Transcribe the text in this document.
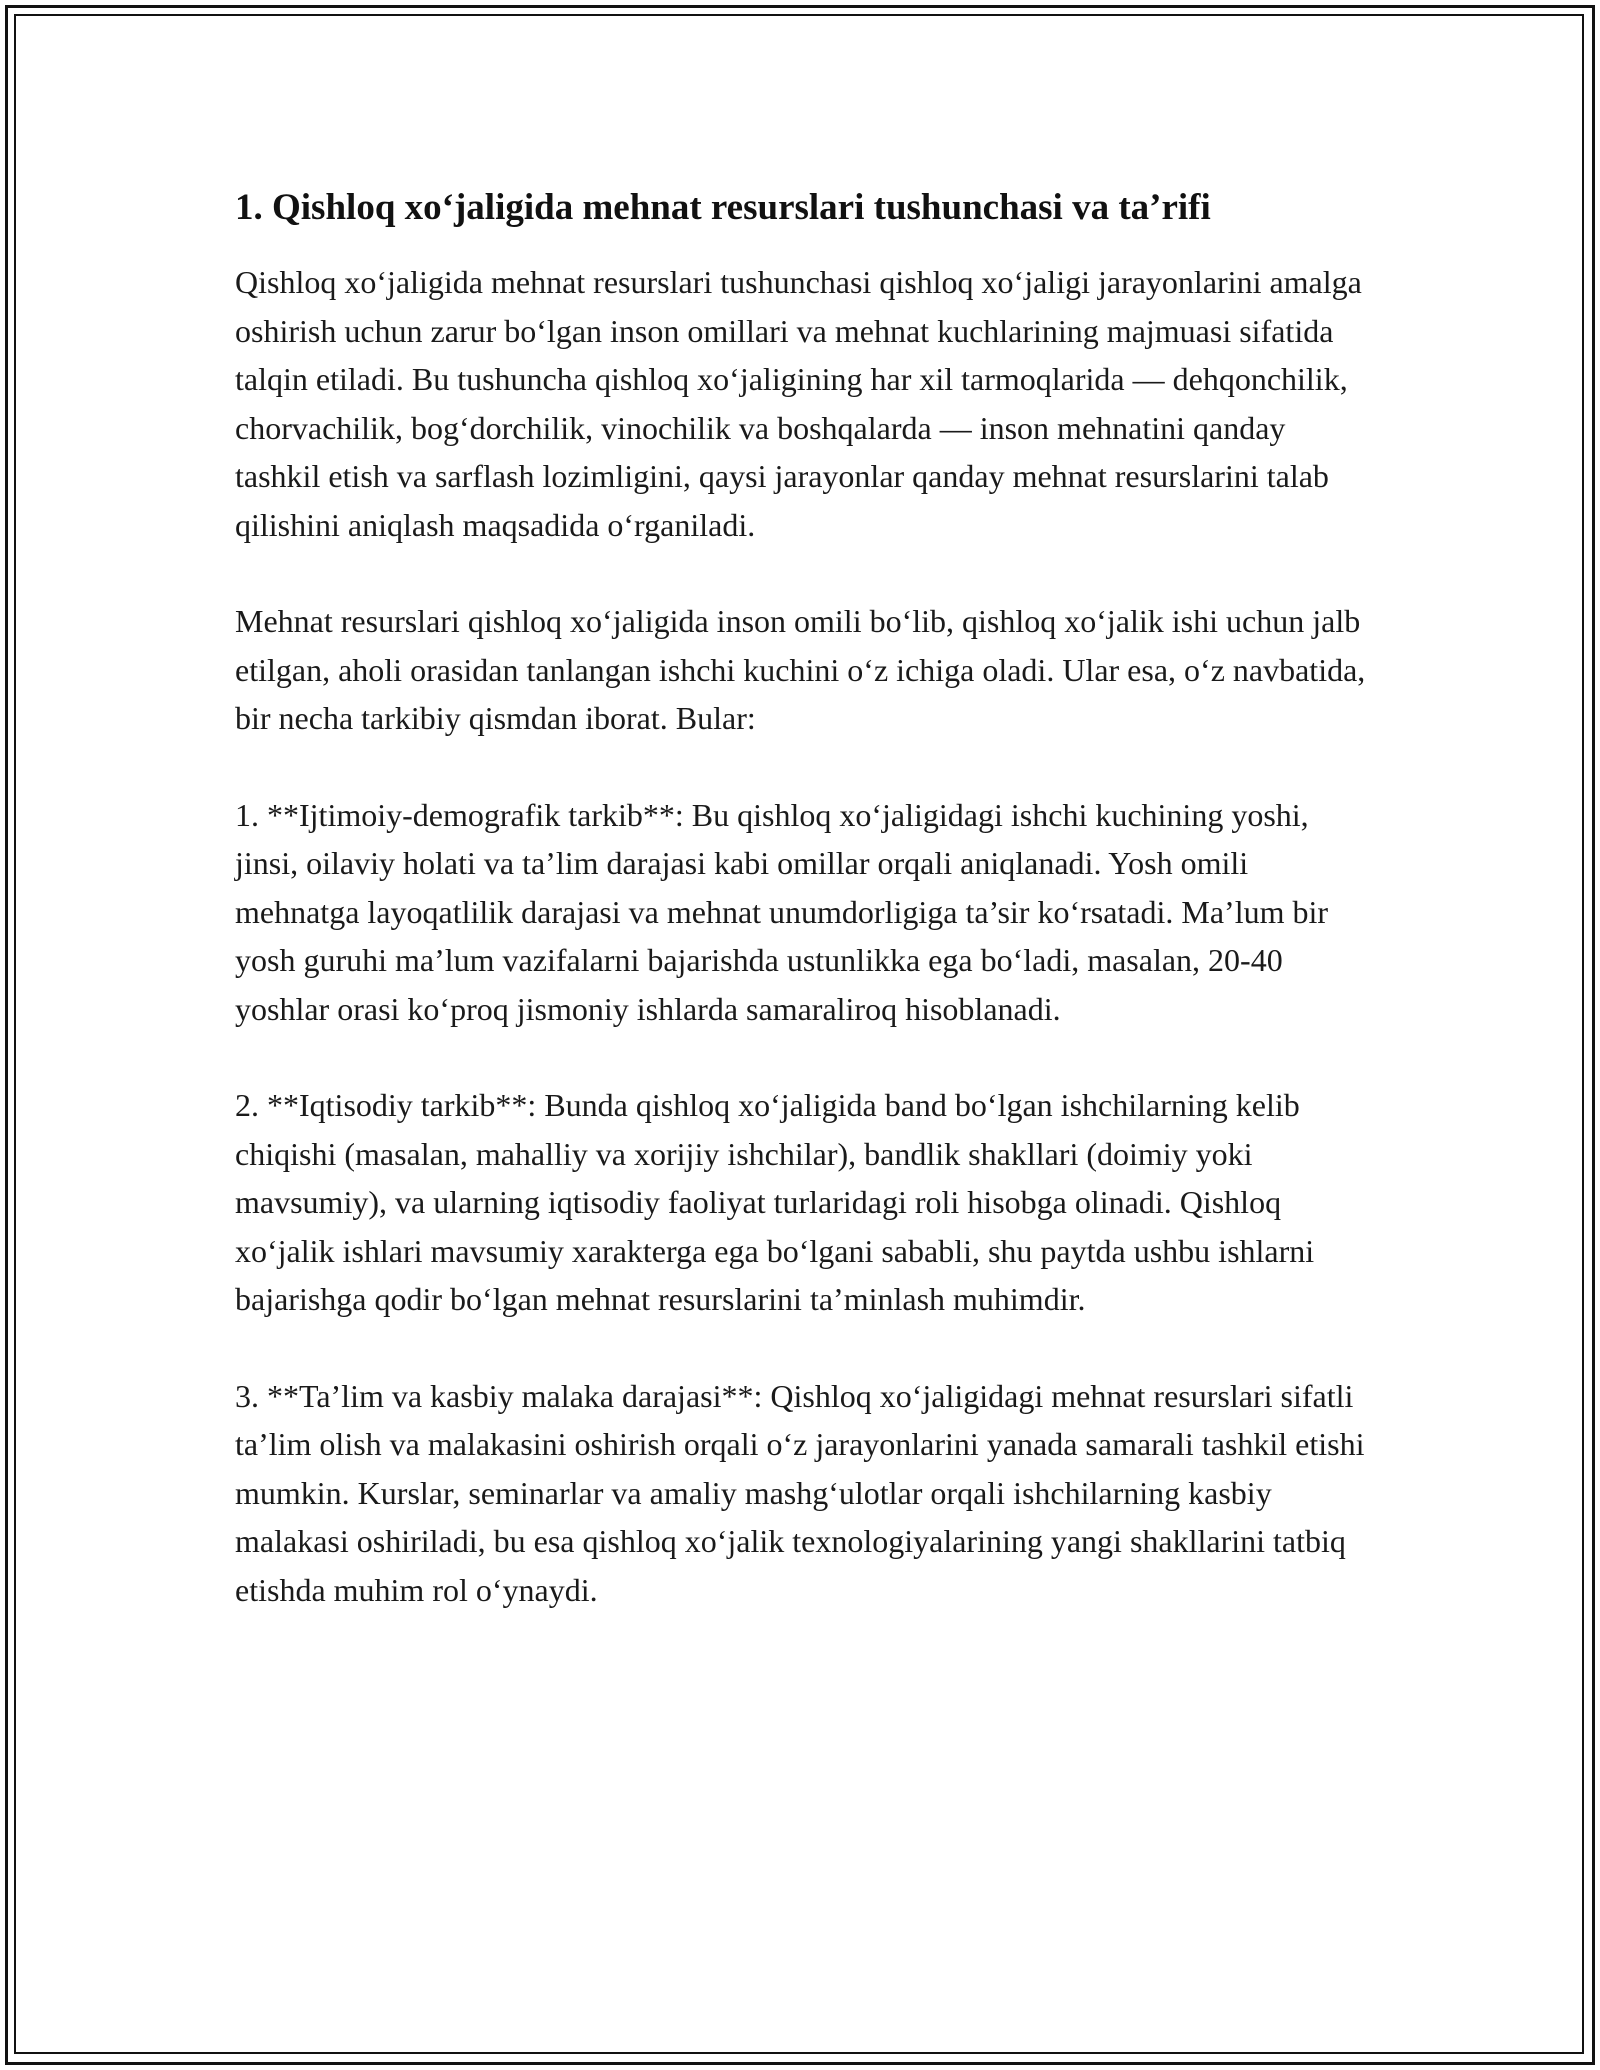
1. Qishloq xo‘jaligida mehnat resurslari tushunchasi va ta’rifi

Qishloq xo‘jaligida mehnat resurslari tushunchasi qishloq xo‘jaligi jarayonlarini amalga oshirish uchun zarur bo‘lgan inson omillari va mehnat kuchlarining majmuasi sifatida talqin etiladi. Bu tushuncha qishloq xo‘jaligining har xil tarmoqlarida — dehqonchilik, chorvachilik, bog‘dorchilik, vinochilik va boshqalarda — inson mehnatini qanday tashkil etish va sarflash lozimligini, qaysi jarayonlar qanday mehnat resurslarini talab qilishini aniqlash maqsadida o‘rganiladi.

Mehnat resurslari qishloq xo‘jaligida inson omili bo‘lib, qishloq xo‘jalik ishi uchun jalb etilgan, aholi orasidan tanlangan ishchi kuchini o‘z ichiga oladi. Ular esa, o‘z navbatida, bir necha tarkibiy qismdan iborat. Bular:

1. **Ijtimoiy-demografik tarkib**: Bu qishloq xo‘jaligidagi ishchi kuchining yoshi, jinsi, oilaviy holati va ta’lim darajasi kabi omillar orqali aniqlanadi. Yosh omili mehnatga layoqatlilik darajasi va mehnat unumdorligiga ta’sir ko‘rsatadi. Ma’lum bir yosh guruhi ma’lum vazifalarni bajarishda ustunlikka ega bo‘ladi, masalan, 20-40 yoshlar orasi ko‘proq jismoniy ishlarda samaraliroq hisoblanadi.

2. **Iqtisodiy tarkib**: Bunda qishloq xo‘jaligida band bo‘lgan ishchilarning kelib chiqishi (masalan, mahalliy va xorijiy ishchilar), bandlik shakllari (doimiy yoki mavsumiy), va ularning iqtisodiy faoliyat turlaridagi roli hisobga olinadi. Qishloq xo‘jalik ishlari mavsumiy xarakterga ega bo‘lgani sababli, shu paytda ushbu ishlarni bajarishga qodir bo‘lgan mehnat resurslarini ta’minlash muhimdir.

3. **Ta’lim va kasbiy malaka darajasi**: Qishloq xo‘jaligidagi mehnat resurslari sifatli ta’lim olish va malakasini oshirish orqali o‘z jarayonlarini yanada samarali tashkil etishi mumkin. Kurslar, seminarlar va amaliy mashg‘ulotlar orqali ishchilarning kasbiy malakasi oshiriladi, bu esa qishloq xo‘jalik texnologiyalarining yangi shakllarini tatbiq etishda muhim rol o‘ynaydi.
